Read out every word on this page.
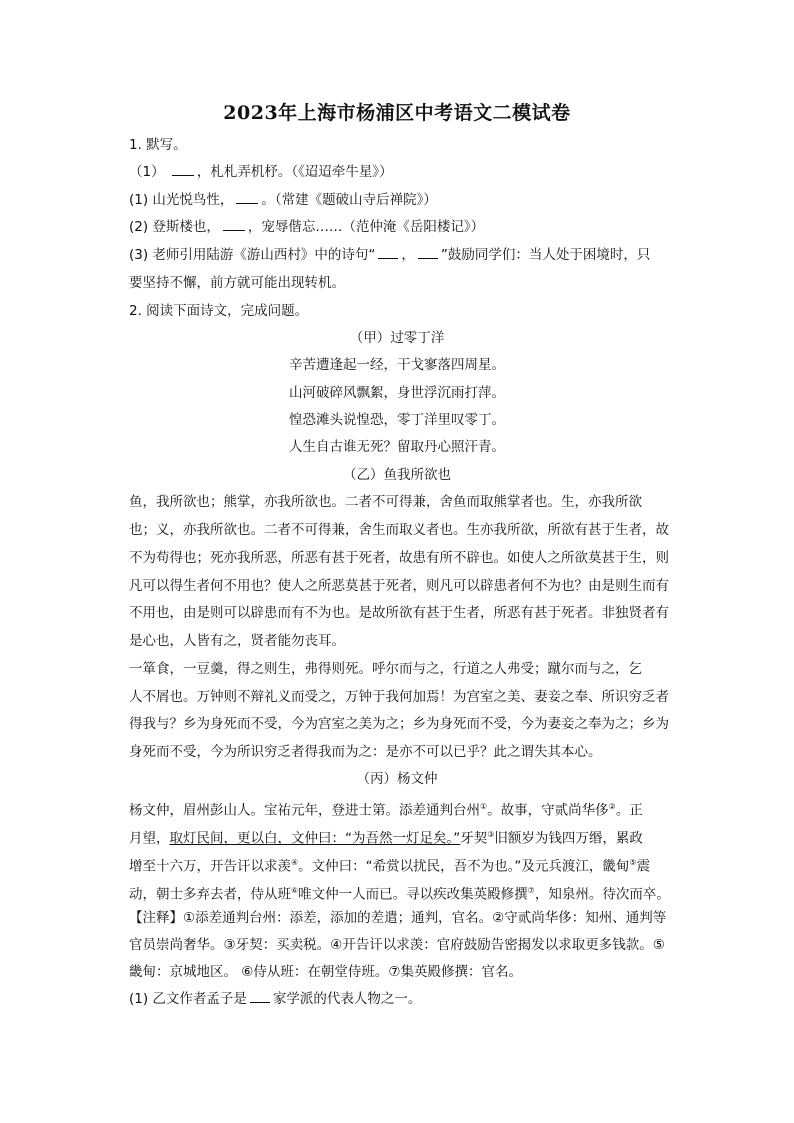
2023年上海市杨浦区中考语文二模试卷
1. 默写。
（1） ，札札弄机杼。（《迢迢牵牛星》）
(1) 山光悦鸟性， 。（常建《题破山寺后禅院》）
(2) 登斯楼也， ，宠辱偕忘……（范仲淹《岳阳楼记》）
(3) 老师引用陆游《游山西村》中的诗句“ ， ”鼓励同学们：当人处于困境时，只
要坚持不懈，前方就可能出现转机。
2. 阅读下面诗文，完成问题。
（甲）过零丁洋
辛苦遭逢起一经，干戈寥落四周星。
山河破碎风飘絮，身世浮沉雨打萍。
惶恐滩头说惶恐，零丁洋里叹零丁。
人生自古谁无死？留取丹心照汗青。
（乙）鱼我所欲也
鱼，我所欲也；熊掌，亦我所欲也。二者不可得兼，舍鱼而取熊掌者也。生，亦我所欲
也；义，亦我所欲也。二者不可得兼，舍生而取义者也。生亦我所欲，所欲有甚于生者，故
不为苟得也；死亦我所恶，所恶有甚于死者，故患有所不辟也。如使人之所欲莫甚于生，则
凡可以得生者何不用也？使人之所恶莫甚于死者，则凡可以辟患者何不为也？由是则生而有
不用也，由是则可以辟患而有不为也。是故所欲有甚于生者，所恶有甚于死者。非独贤者有
是心也，人皆有之，贤者能勿丧耳。
一箪食，一豆羹，得之则生，弗得则死。呼尔而与之，行道之人弗受；蹴尔而与之，乞
人不屑也。万钟则不辩礼义而受之，万钟于我何加焉！为宫室之美、妻妾之奉、所识穷乏者
得我与？乡为身死而不受，今为宫室之美为之；乡为身死而不受，今为妻妾之奉为之；乡为
身死而不受，今为所识穷乏者得我而为之：是亦不可以已乎？此之谓失其本心。
（丙）杨文仲
杨文仲，眉州彭山人。宝祐元年，登进士第。添差通判台州①。故事，守贰尚华侈②。正
月望，取灯民间，更以白，文仲曰：“为吾然一灯足矣。”牙契③旧额岁为钱四万缗，累政
增至十六万，开告讦以求羡④。文仲曰：“希赏以扰民，吾不为也。”及元兵渡江，畿甸⑤震
动，朝士多弃去者，侍从班⑥唯文仲一人而已。寻以疾改集英殿修撰⑦，知泉州。待次而卒。
【注释】①添差通判台州：添差，添加的差遣；通判，官名。②守贰尚华侈：知州、通判等
官员崇尚奢华。③牙契：买卖税。④开告讦以求羡：官府鼓励告密揭发以求取更多钱款。⑤
畿甸：京城地区。 ⑥侍从班：在朝堂侍班。⑦集英殿修撰：官名。
(1) 乙文作者孟子是 家学派的代表人物之一。
